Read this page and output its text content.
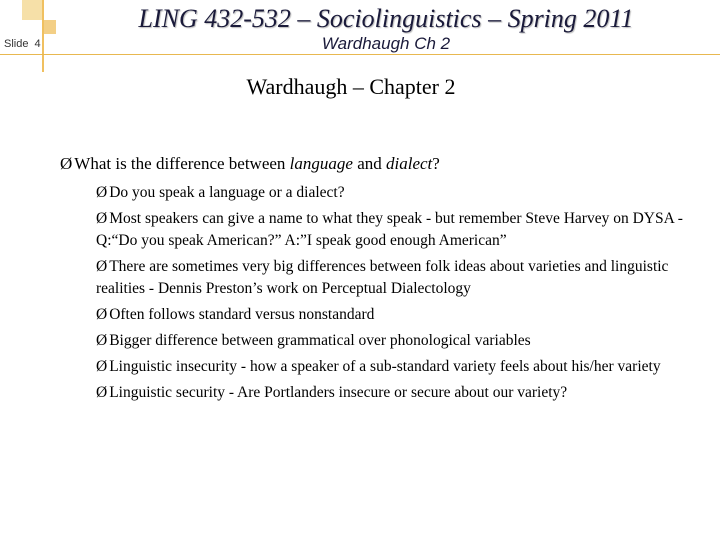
Slide 4
LING 432-532 – Sociolinguistics – Spring 2011
Wardhaugh Ch 2
Wardhaugh – Chapter 2

Ø What is the difference between language and dialect?

Ø Do you speak a language or a dialect?

Ø Most speakers can give a name to what they speak - but remember Steve Harvey on DYSA - Q:“Do you speak American?” A:”I speak good enough American”

Ø There are sometimes very big differences between folk ideas about varieties and linguistic realities - Dennis Preston’s work on Perceptual Dialectology

Ø Often follows standard versus nonstandard

Ø Bigger difference between grammatical over phonological variables

Ø Linguistic insecurity - how a speaker of a sub-standard variety feels about his/her variety

Ø Linguistic security - Are Portlanders insecure or secure about our variety?
